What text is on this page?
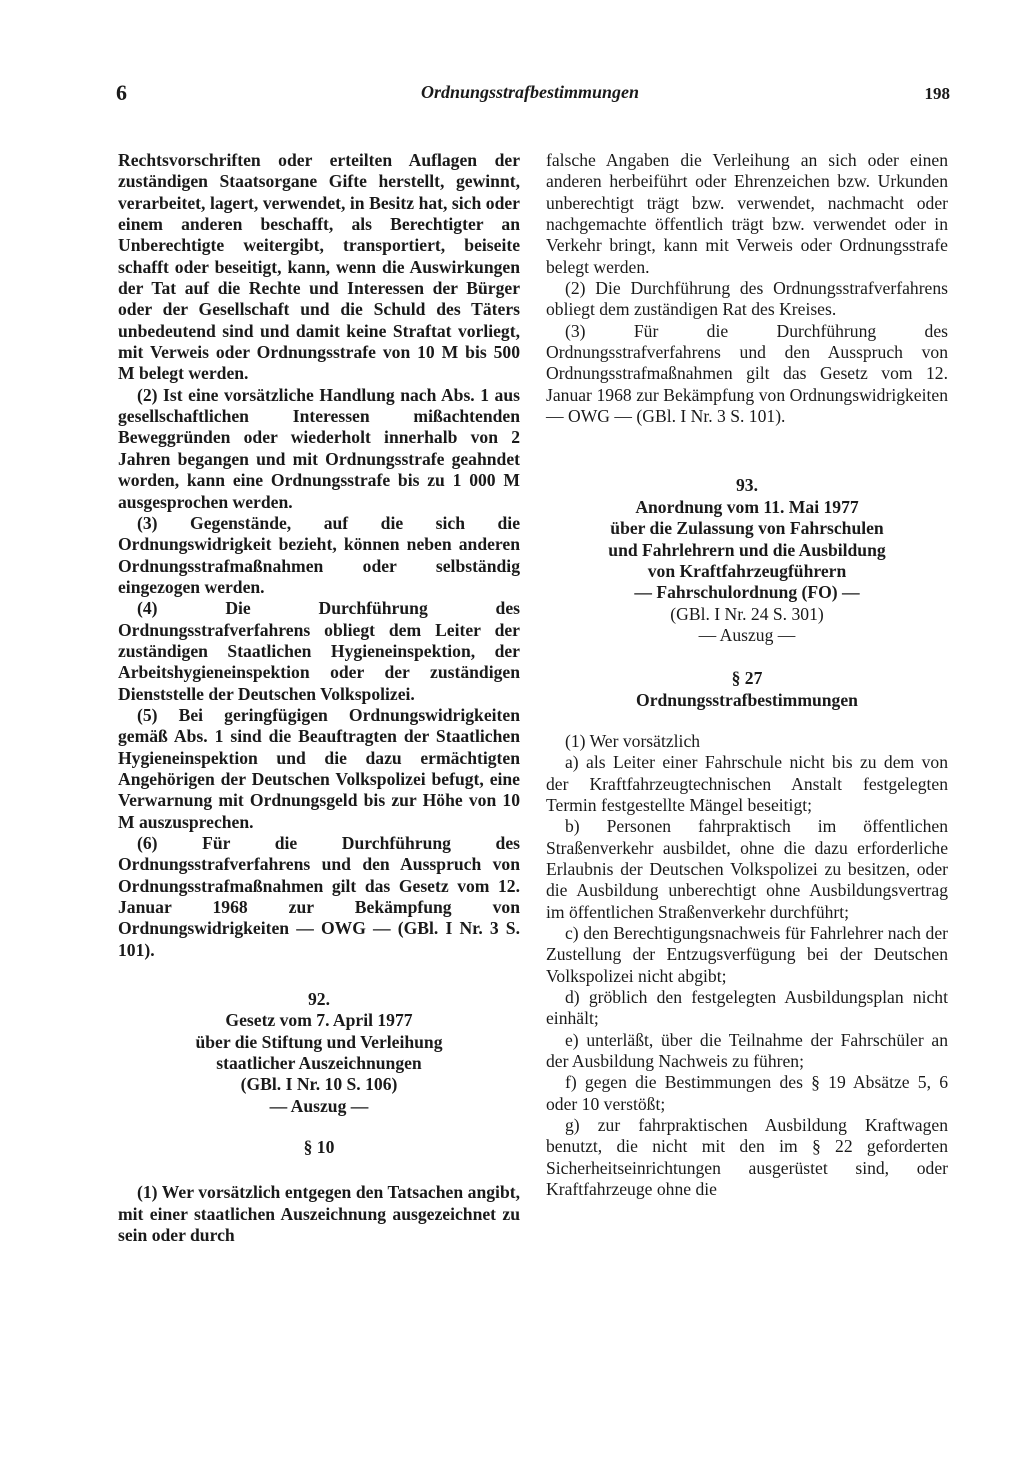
6	Ordnungsstrafbestimmungen	198

Rechtsvorschriften oder erteilten Auflagen der zuständigen Staatsorgane Gifte herstellt, gewinnt, verarbeitet, lagert, verwendet, in Besitz hat, sich oder einem anderen beschafft, als Berechtigter an Unberechtigte weitergibt, transportiert, beiseite schafft oder beseitigt, kann, wenn die Auswirkungen der Tat auf die Rechte und Interessen der Bürger oder der Gesellschaft und die Schuld des Täters unbedeutend sind und damit keine Straftat vorliegt, mit Verweis oder Ordnungsstrafe von 10 M bis 500 M belegt werden.

(2) Ist eine vorsätzliche Handlung nach Abs. 1 aus gesellschaftlichen Interessen mißachtenden Beweggründen oder wiederholt innerhalb von 2 Jahren begangen und mit Ordnungsstrafe geahndet worden, kann eine Ordnungsstrafe bis zu 1 000 M ausgesprochen werden.

(3) Gegenstände, auf die sich die Ordnungswidrigkeit bezieht, können neben anderen Ordnungsstrafmaßnahmen oder selbständig eingezogen werden.

(4) Die Durchführung des Ordnungsstrafverfahrens obliegt dem Leiter der zuständigen Staatlichen Hygieneinspektion, der Arbeitshygieneinspektion oder der zuständigen Dienststelle der Deutschen Volkspolizei.

(5) Bei geringfügigen Ordnungswidrigkeiten gemäß Abs. 1 sind die Beauftragten der Staatlichen Hygieneinspektion und die dazu ermächtigten Angehörigen der Deutschen Volkspolizei befugt, eine Verwarnung mit Ordnungsgeld bis zur Höhe von 10 M auszusprechen.

(6) Für die Durchführung des Ordnungsstrafverfahrens und den Ausspruch von Ordnungsstrafmaßnahmen gilt das Gesetz vom 12. Januar 1968 zur Bekämpfung von Ordnungswidrigkeiten — OWG — (GBl. I Nr. 3 S. 101).

92.
Gesetz vom 7. April 1977
über die Stiftung und Verleihung
staatlicher Auszeichnungen
(GBl. I Nr. 10 S. 106)
— Auszug —
§ 10

(1) Wer vorsätzlich entgegen den Tatsachen angibt, mit einer staatlichen Auszeichnung ausgezeichnet zu sein oder durch

falsche Angaben die Verleihung an sich oder einen anderen herbeiführt oder Ehrenzeichen bzw. Urkunden unberechtigt trägt bzw. verwendet, nachmacht oder nachgemachte öffentlich trägt bzw. verwendet oder in Verkehr bringt, kann mit Verweis oder Ordnungsstrafe belegt werden.

(2) Die Durchführung des Ordnungsstrafverfahrens obliegt dem zuständigen Rat des Kreises.

(3) Für die Durchführung des Ordnungsstrafverfahrens und den Ausspruch von Ordnungsstrafmaßnahmen gilt das Gesetz vom 12. Januar 1968 zur Bekämpfung von Ordnungswidrigkeiten — OWG — (GBl. I Nr. 3 S. 101).

93.
Anordnung vom 11. Mai 1977
über die Zulassung von Fahrschulen
und Fahrlehrern und die Ausbildung
von Kraftfahrzeugführern
— Fahrschulordnung (FO) —
(GBl. I Nr. 24 S. 301)
— Auszug —
§ 27
Ordnungsstrafbestimmungen

(1) Wer vorsätzlich

a) als Leiter einer Fahrschule nicht bis zu dem von der Kraftfahrzeugtechnischen Anstalt festgelegten Termin festgestellte Mängel beseitigt;

b) Personen fahrpraktisch im öffentlichen Straßenverkehr ausbildet, ohne die dazu erforderliche Erlaubnis der Deutschen Volkspolizei zu besitzen, oder die Ausbildung unberechtigt ohne Ausbildungsvertrag im öffentlichen Straßenverkehr durchführt;

c) den Berechtigungsnachweis für Fahrlehrer nach der Zustellung der Entzugsverfügung bei der Deutschen Volkspolizei nicht abgibt;

d) gröblich den festgelegten Ausbildungsplan nicht einhält;

e) unterläßt, über die Teilnahme der Fahrschüler an der Ausbildung Nachweis zu führen;

f) gegen die Bestimmungen des § 19 Absätze 5, 6 oder 10 verstößt;

g) zur fahrpraktischen Ausbildung Kraftwagen benutzt, die nicht mit den im § 22 geforderten Sicherheitseinrichtungen ausgerüstet sind, oder Kraftfahrzeuge ohne die
